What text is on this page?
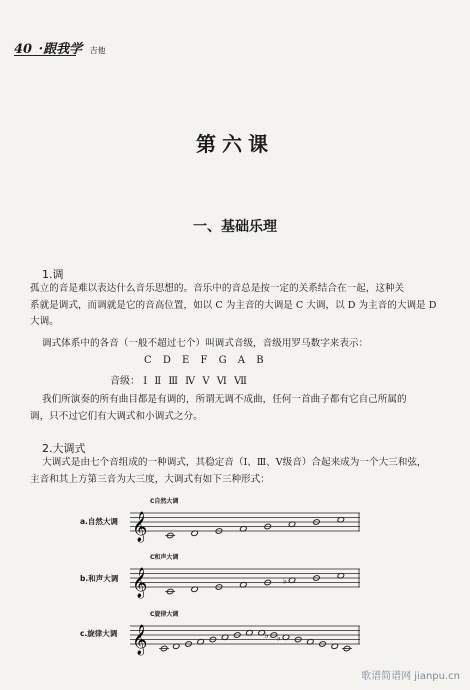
40 ·跟我学 吉他
第六课
一、基础乐理
1.调
孤立的音是难以表达什么音乐思想的。音乐中的音总是按一定的关系结合在一起，这种关
系就是调式，而调就是它的音高位置，如以 C 为主音的大调是 C 大调，以 D 为主音的大调是 D
大调。
调式体系中的各音（一般不超过七个）叫调式音级，音级用罗马数字来表示：
C D E F G A B
音级： Ⅰ Ⅱ Ⅲ Ⅳ Ⅴ Ⅵ Ⅶ
我们所演奏的所有曲目都是有调的，所谓无调不成曲，任何一首曲子都有它自己所属的
调，只不过它们有大调式和小调式之分。
2.大调式
大调式是由七个音组成的一种调式，其稳定音（Ⅰ、Ⅲ、Ⅴ级音）合起来成为一个大三和弦，
主音和其上方第三音为大三度，大调式有如下三种形式：
C自然大调
a.自然大调 𝄞
C和声大调
b.和声大调 𝄞	♭
C旋律大调
c.旋律大调 𝄞	♭ ♭
歌谱简谱网 jianpu.cn
